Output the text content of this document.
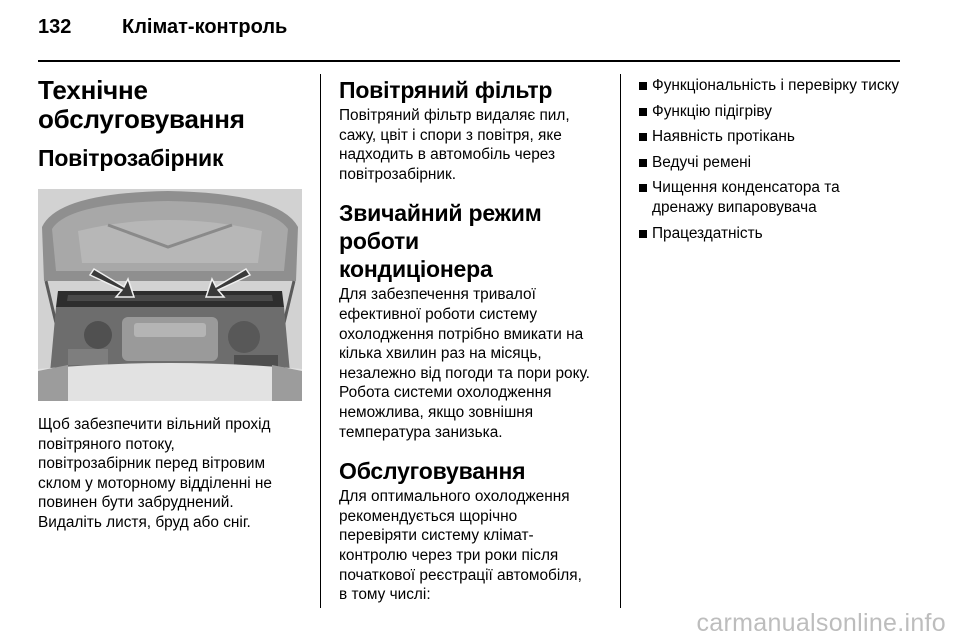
132	Клімат-контроль
Технічне
обслуговування
Повітрозабірник

Щоб забезпечити вільний прохід
повітряного потоку,
повітрозабірник перед вітровим
склом у моторному відділенні не
повинен бути забруднений.
Видаліть листя, бруд або сніг.

Повітряний фільтр

Повітряний фільтр видаляє пил,
сажу, цвіт і спори з повітря, яке
надходить в автомобіль через
повітрозабірник.

Звичайний режим роботи
кондиціонера

Для забезпечення тривалої
ефективної роботи систему
охолодження потрібно вмикати на
кілька хвилин раз на місяць,
незалежно від погоди та пори року.
Робота системи охолодження
неможлива, якщо зовнішня
температура занизька.

Обслуговування

Для оптимального охолодження
рекомендується щорічно
перевіряти систему клімат-
контролю через три роки після
початкової реєстрації автомобіля,
в тому числі:

Функціональність і перевірку тиску
Функцію підігріву
Наявність протікань
Ведучі ремені
Чищення конденсатора та дренажу випаровувача
Працездатність
carmanualsonline.info
